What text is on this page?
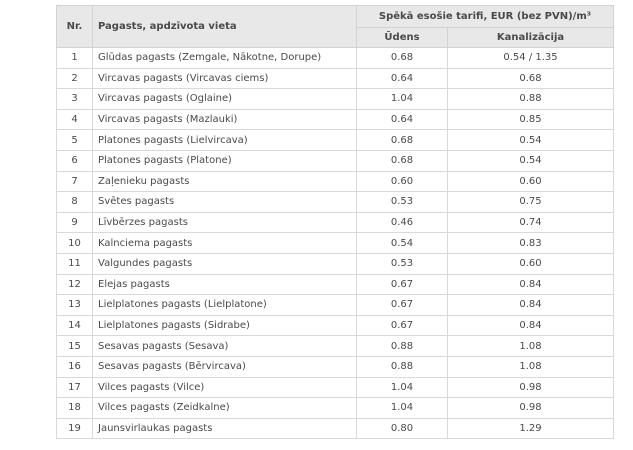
Nr.	Pagasts, apdzīvota vieta	Spēkā esošie tarifi, EUR (bez PVN)/m³	
		Ūdens	Kanalizācija
1	Glūdas pagasts (Zemgale, Nākotne, Dorupe)	0.68	0.54 / 1.35
2	Vircavas pagasts (Vircavas ciems)	0.64	0.68
3	Vircavas pagasts (Oglaine)	1.04	0.88
4	Vircavas pagasts (Mazlauki)	0.64	0.85
5	Platones pagasts (Lielvircava)	0.68	0.54
6	Platones pagasts (Platone)	0.68	0.54
7	Zaļenieku pagasts	0.60	0.60
8	Svētes pagasts	0.53	0.75
9	Līvbērzes pagasts	0.46	0.74
10	Kalnciema pagasts	0.54	0.83
11	Valgundes pagasts	0.53	0.60
12	Elejas pagasts	0.67	0.84
13	Lielplatones pagasts (Lielplatone)	0.67	0.84
14	Lielplatones pagasts (Sidrabe)	0.67	0.84
15	Sesavas pagasts (Sesava)	0.88	1.08
16	Sesavas pagasts (Bērvircava)	0.88	1.08
17	Vilces pagasts (Vilce)	1.04	0.98
18	Vilces pagasts (Zeidkalne)	1.04	0.98
19	Jaunsvirlaukas pagasts	0.80	1.29
